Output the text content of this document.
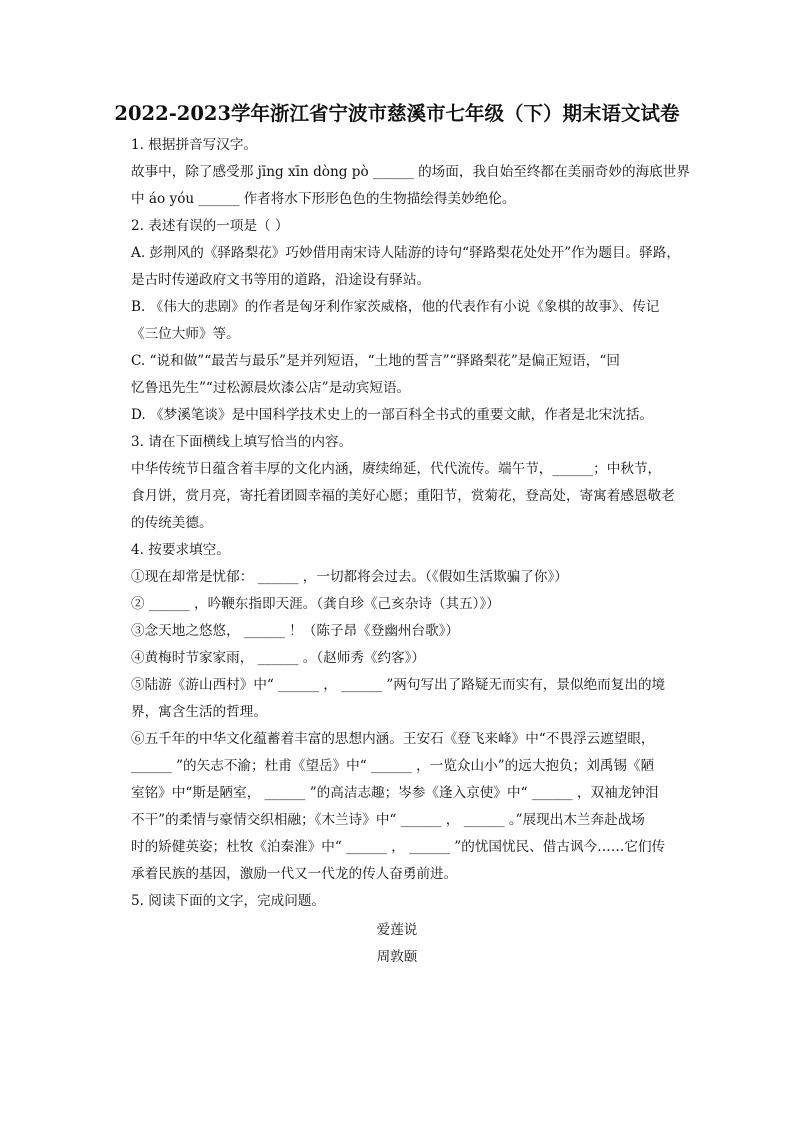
2022-2023学年浙江省宁波市慈溪市七年级（下）期末语文试卷
1. 根据拼音写汉字。
故事中，除了感受那 jīng xīn dòng pò ______ 的场面，我自始至终都在美丽奇妙的海底世界
中 áo yóu ______ 作者将水下形形色色的生物描绘得美妙绝伦。
2. 表述有误的一项是（ ）
A. 彭荆风的《驿路梨花》巧妙借用南宋诗人陆游的诗句“驿路梨花处处开”作为题目。驿路，
是古时传递政府文书等用的道路，沿途设有驿站。
B. 《伟大的悲剧》的作者是匈牙利作家茨威格，他的代表作有小说《象棋的故事》、传记
《三位大师》等。
C. “说和做”“最苦与最乐”是并列短语，“土地的誓言”“驿路梨花”是偏正短语，“回
忆鲁迅先生”“过松源晨炊漆公店”是动宾短语。
D. 《梦溪笔谈》是中国科学技术史上的一部百科全书式的重要文献，作者是北宋沈括。
3. 请在下面横线上填写恰当的内容。
中华传统节日蕴含着丰厚的文化内涵，赓续绵延，代代流传。端午节，______；中秋节，
食月饼，赏月亮，寄托着团圆幸福的美好心愿；重阳节，赏菊花，登高处，寄寓着感恩敬老
的传统美德。
4. 按要求填空。
①现在却常是忧郁： ______ ，一切都将会过去。（《假如生活欺骗了你》）
② ______ ，吟鞭东指即天涯。（龚自珍《己亥杂诗（其五）》）
③念天地之悠悠， ______ ！（陈子昂《登幽州台歌》）
④黄梅时节家家雨， ______ 。（赵师秀《约客》）
⑤陆游《游山西村》中“ ______ ， ______ ”两句写出了路疑无而实有，景似绝而复出的境
界，寓含生活的哲理。
⑥五千年的中华文化蕴蓄着丰富的思想内涵。王安石《登飞来峰》中“不畏浮云遮望眼，
______ ”的矢志不渝；杜甫《望岳》中“ ______ ，一览众山小”的远大抱负；刘禹锡《陋
室铭》中“斯是陋室， ______ ”的高洁志趣；岑参《逢入京使》中“ ______ ，双袖龙钟泪
不干”的柔情与豪情交织相融；《木兰诗》中“ ______ ， ______ 。”展现出木兰奔赴战场
时的矫健英姿；杜牧《泊秦淮》中“ ______ ， ______ ”的忧国忧民、借古讽今……它们传
承着民族的基因，激励一代又一代龙的传人奋勇前进。
5. 阅读下面的文字，完成问题。
爱莲说
周敦颐
